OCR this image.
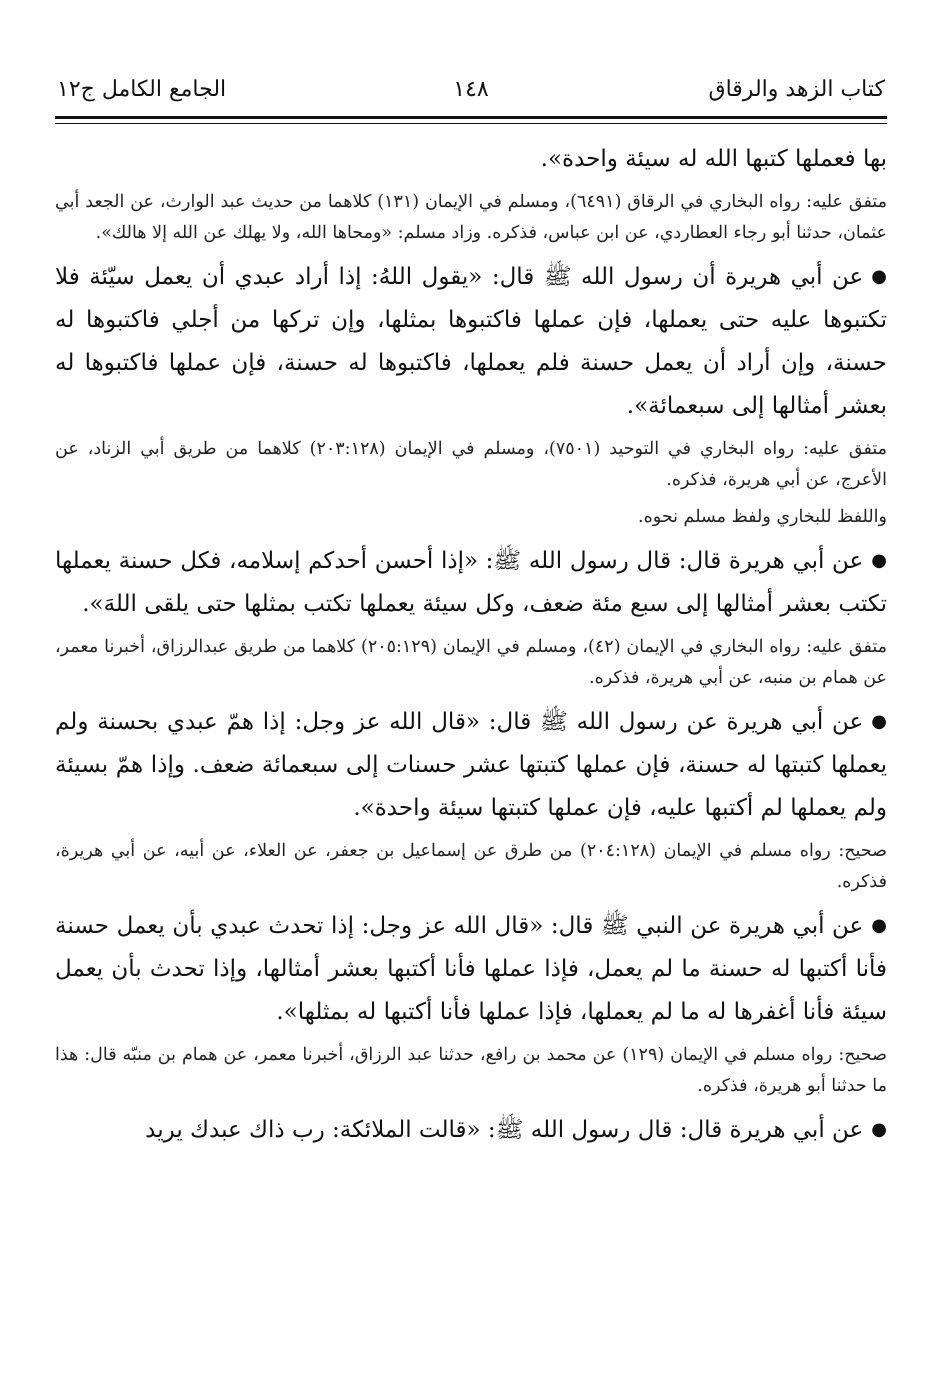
كتاب الزهد والرقاق
١٤٨
الجامع الكامل ج١٢

بها فعملها كتبها الله له سيئة واحدة».

متفق عليه: رواه البخاري في الرقاق (٦٤٩١)، ومسلم في الإيمان (١٣١) كلاهما من حديث عبد الوارث، عن الجعد أبي عثمان، حدثنا أبو رجاء العطاردي، عن ابن عباس، فذكره. وزاد مسلم: «ومحاها الله، ولا يهلك عن الله إلا هالك».

●عن أبي هريرة أن رسول الله ﷺ قال: «يقول اللهُ: إذا أراد عبدي أن يعمل سيّئة فلا تكتبوها عليه حتى يعملها، فإن عملها فاكتبوها بمثلها، وإن تركها من أجلي فاكتبوها له حسنة، وإن أراد أن يعمل حسنة فلم يعملها، فاكتبوها له حسنة، فإن عملها فاكتبوها له بعشر أمثالها إلى سبعمائة».

متفق عليه: رواه البخاري في التوحيد (٧٥٠١)، ومسلم في الإيمان (٢٠٣:١٢٨) كلاهما من طريق أبي الزناد، عن الأعرج، عن أبي هريرة، فذكره.

واللفظ للبخاري ولفظ مسلم نحوه.

●عن أبي هريرة قال: قال رسول الله ﷺ: «إذا أحسن أحدكم إسلامه، فكل حسنة يعملها تكتب بعشر أمثالها إلى سبع مئة ضعف، وكل سيئة يعملها تكتب بمثلها حتى يلقى اللهَ».

متفق عليه: رواه البخاري في الإيمان (٤٢)، ومسلم في الإيمان (٢٠٥:١٢٩) كلاهما من طريق عبدالرزاق، أخبرنا معمر، عن همام بن منبه، عن أبي هريرة، فذكره.

●عن أبي هريرة عن رسول الله ﷺ قال: «قال الله عز وجل: إذا همّ عبدي بحسنة ولم يعملها كتبتها له حسنة، فإن عملها كتبتها عشر حسنات إلى سبعمائة ضعف. وإذا همّ بسيئة ولم يعملها لم أكتبها عليه، فإن عملها كتبتها سيئة واحدة».

صحيح: رواه مسلم في الإيمان (٢٠٤:١٢٨) من طرق عن إسماعيل بن جعفر، عن العلاء، عن أبيه، عن أبي هريرة، فذكره.

●عن أبي هريرة عن النبي ﷺ قال: «قال الله عز وجل: إذا تحدث عبدي بأن يعمل حسنة فأنا أكتبها له حسنة ما لم يعمل، فإذا عملها فأنا أكتبها بعشر أمثالها، وإذا تحدث بأن يعمل سيئة فأنا أغفرها له ما لم يعملها، فإذا عملها فأنا أكتبها له بمثلها».

صحيح: رواه مسلم في الإيمان (١٢٩) عن محمد بن رافع، حدثنا عبد الرزاق، أخبرنا معمر، عن همام بن منبّه قال: هذا ما حدثنا أبو هريرة، فذكره.

●عن أبي هريرة قال: قال رسول الله ﷺ: «قالت الملائكة: رب ذاك عبدك يريد
